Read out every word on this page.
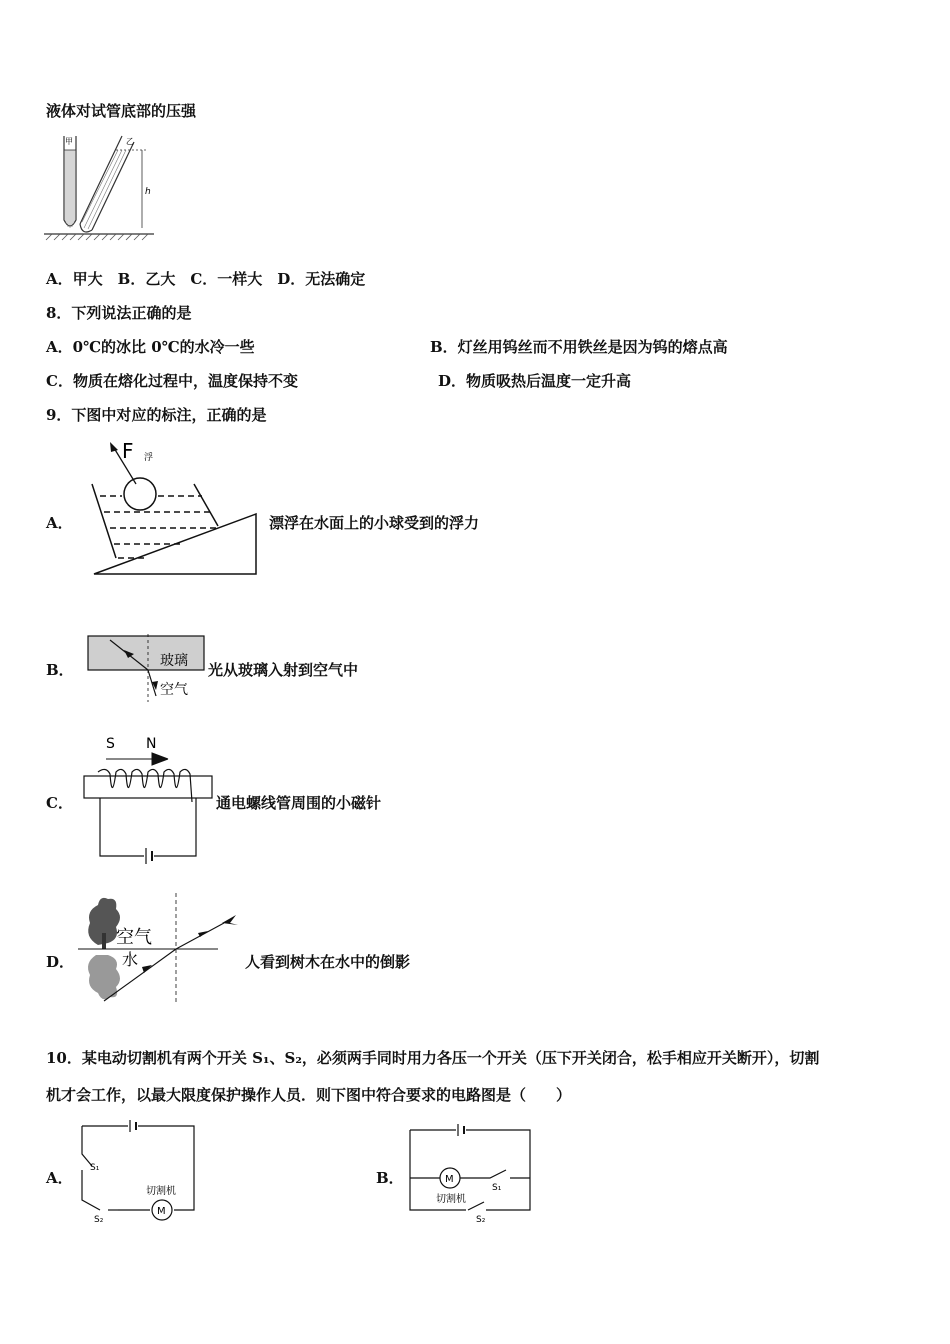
液体对试管底部的压强
甲	乙
h
A．甲大　B．乙大　C．一样大　D．无法确定
8．下列说法正确的是
A．0℃的冰比 0℃的水冷一些	B．灯丝用钨丝而不用铁丝是因为钨的熔点高
C．物质在熔化过程中，温度保持不变	D．物质吸热后温度一定升高
9．下图中对应的标注，正确的是
A．
F 浮
漂浮在水面上的小球受到的浮力
B．	玻璃
空气
光从玻璃入射到空气中
C．
S N
通电螺线管周围的小磁针
D．
空气
水	人看到树木在水中的倒影
10．某电动切割机有两个开关 S₁、S₂，必须两手同时用力各压一个开关（压下开关闭合，松手相应开关断开），切割
机才会工作，以最大限度保护操作人员．则下图中符合要求的电路图是（　　）
A．
M
切割机
S₁
S₂
B．	M
切割机
S₁
S₂
